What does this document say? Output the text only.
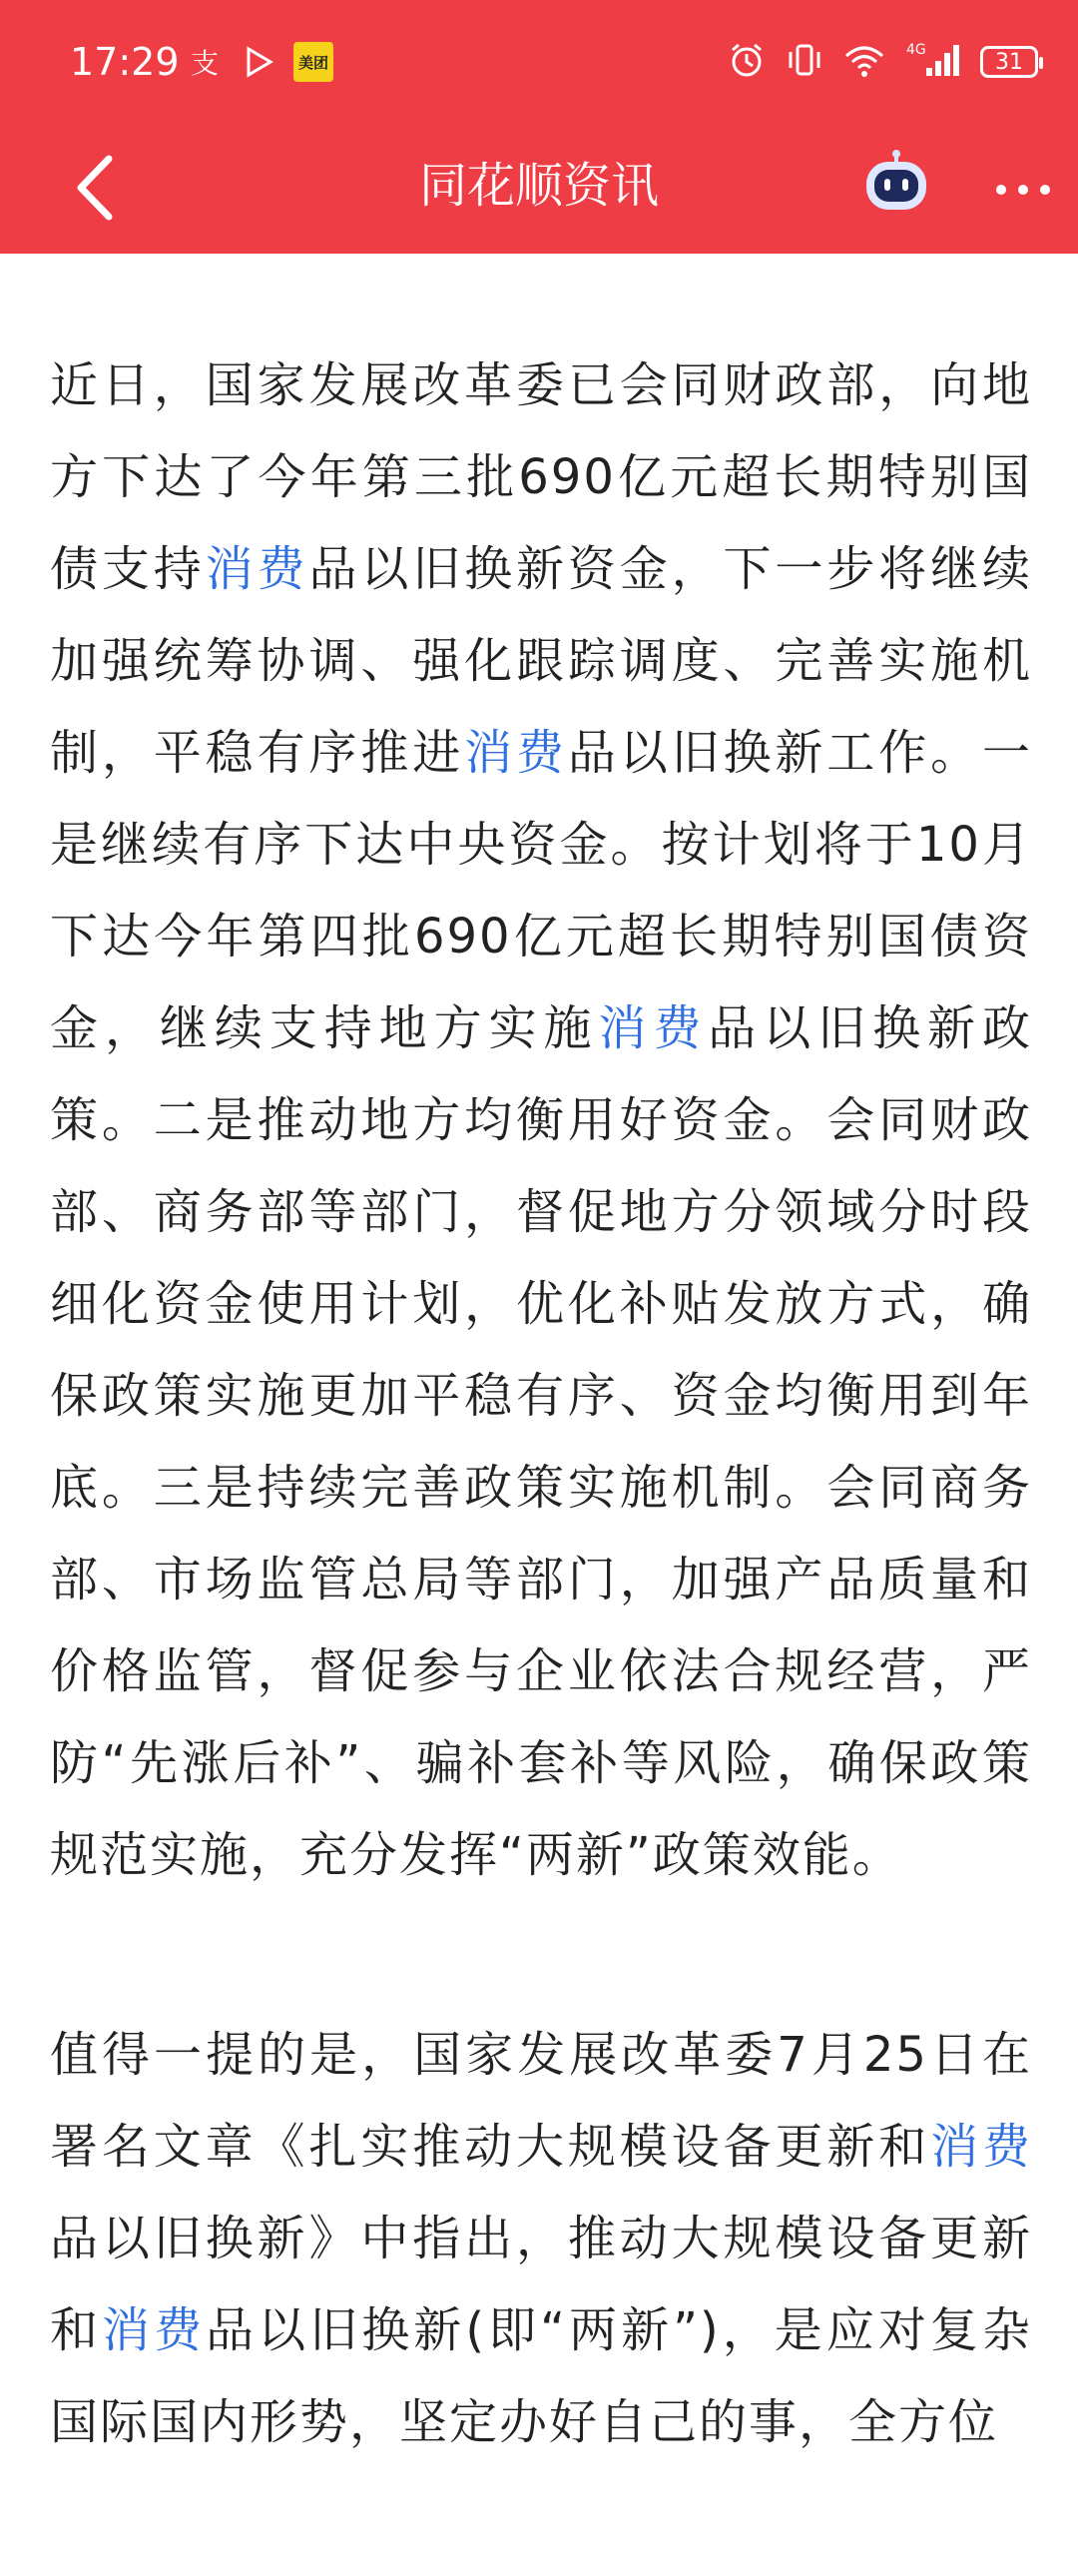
17:29 支	美团
4G	31
同花顺资讯

近日，国家发展改革委已会同财政部，向地方下达了今年第三批690亿元超长期特别国债支持消费品以旧换新资金，下一步将继续加强统筹协调、强化跟踪调度、完善实施机制，平稳有序推进消费品以旧换新工作。一是继续有序下达中央资金。按计划将于10月下达今年第四批690亿元超长期特别国债资金，继续支持地方实施消费品以旧换新政策。二是推动地方均衡用好资金。会同财政部、商务部等部门，督促地方分领域分时段细化资金使用计划，优化补贴发放方式，确保政策实施更加平稳有序、资金均衡用到年底。三是持续完善政策实施机制。会同商务部、市场监管总局等部门，加强产品质量和价格监管，督促参与企业依法合规经营，严防“先涨后补”、骗补套补等风险，确保政策规范实施，充分发挥“两新”政策效能。

值得一提的是，国家发展改革委7月25日在署名文章《扎实推动大规模设备更新和消费品以旧换新》中指出，推动大规模设备更新和消费品以旧换新(即“两新”)，是应对复杂国际国内形势，坚定办好自己的事，全方位
